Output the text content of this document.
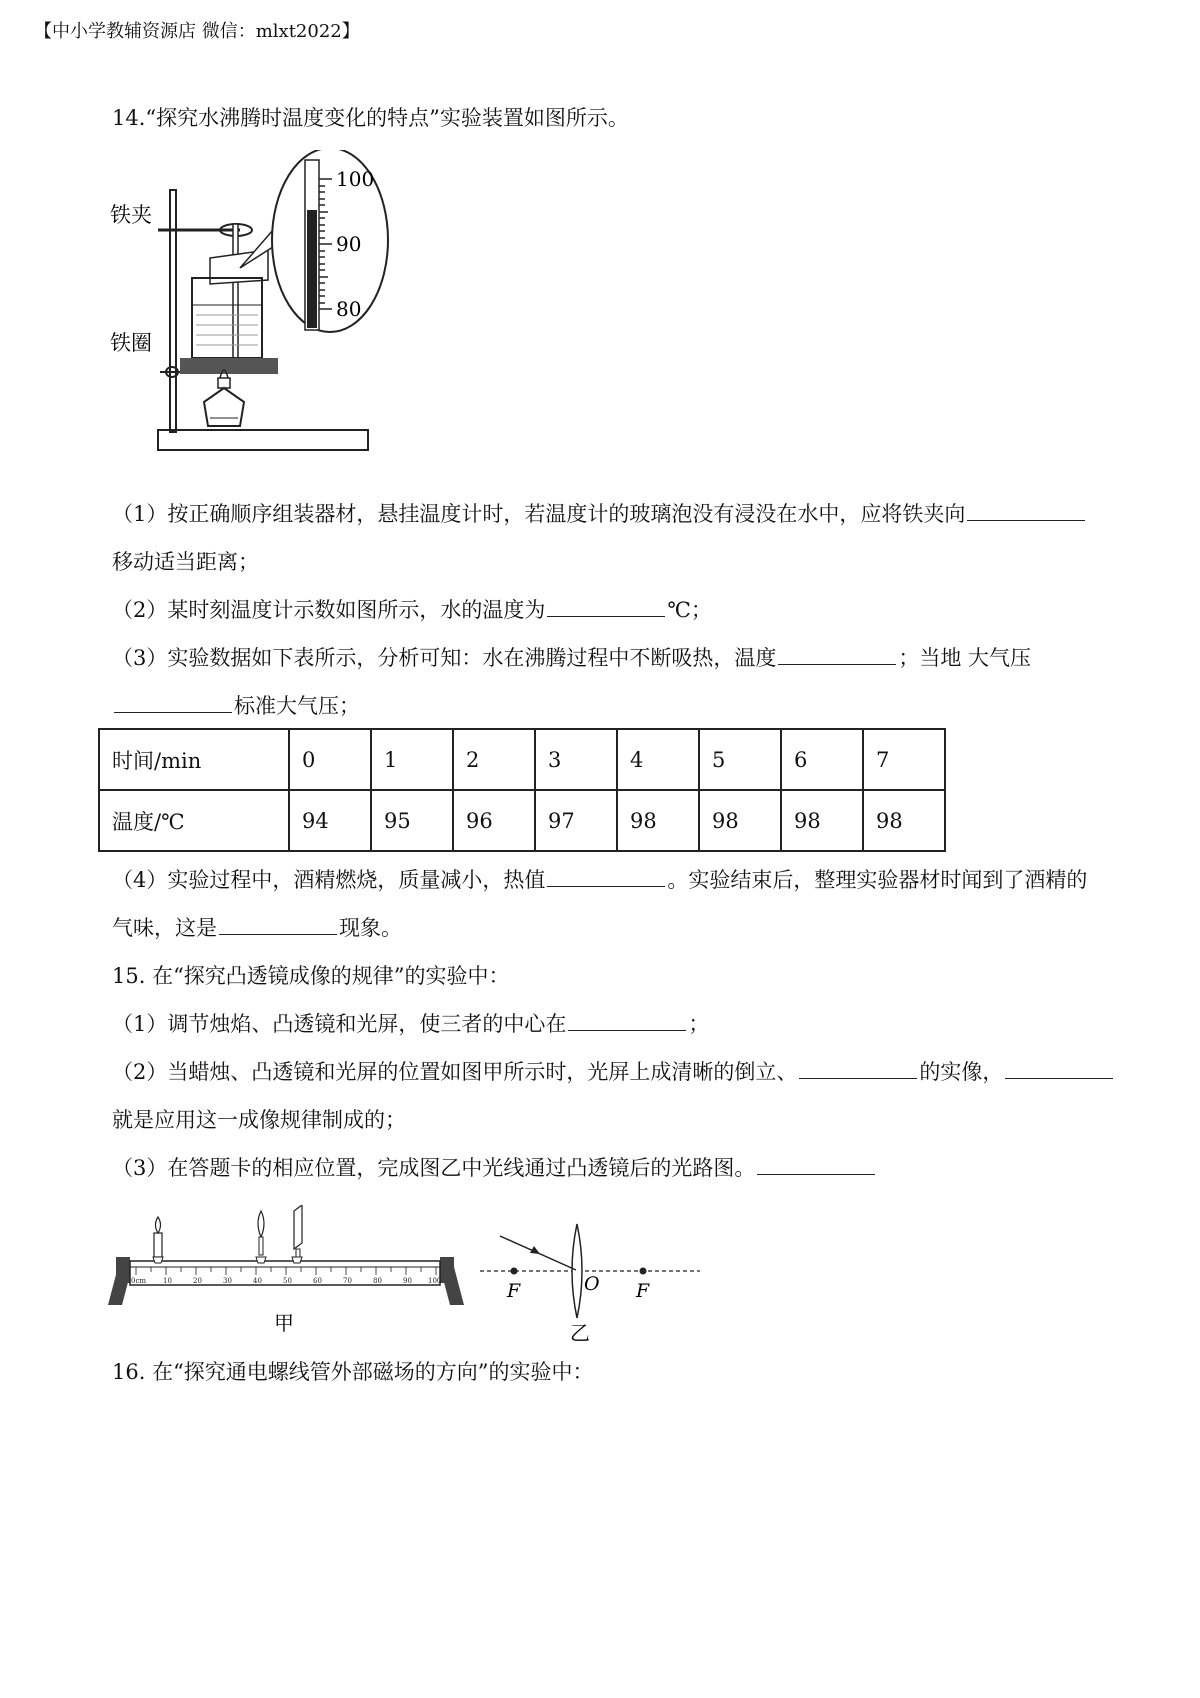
【中小学教辅资源店 微信：mlxt2022】
14.“探究水沸腾时温度变化的特点”实验装置如图所示。
100
90
80
铁夹
铁圈
（1）按正确顺序组装器材，悬挂温度计时，若温度计的玻璃泡没有浸没在水中，应将铁夹向
移动适当距离；
（2）某时刻温度计示数如图所示，水的温度为	℃；
（3）实验数据如下表所示，分析可知：水在沸腾过程中不断吸热，温度	；当地 大气压
标准大气压；
时间/min	0	1	2	3	4	5	6	7
温度/℃	94	95	96	97	98	98	98	98
（4）实验过程中，酒精燃烧，质量减小，热值	。实验结束后，整理实验器材时闻到了酒精的
气味，这是	现象。
15. 在“探究凸透镜成像的规律”的实验中：
（1）调节烛焰、凸透镜和光屏，使三者的中心在	；
（2）当蜡烛、凸透镜和光屏的位置如图甲所示时，光屏上成清晰的倒立、	的实像，
就是应用这一成像规律制成的；
（3）在答题卡的相应位置，完成图乙中光线通过凸透镜后的光路图。
0cm 10	20	30	40	50	60	70	80	90 100
甲
F	O F
乙
16. 在“探究通电螺线管外部磁场的方向”的实验中：
